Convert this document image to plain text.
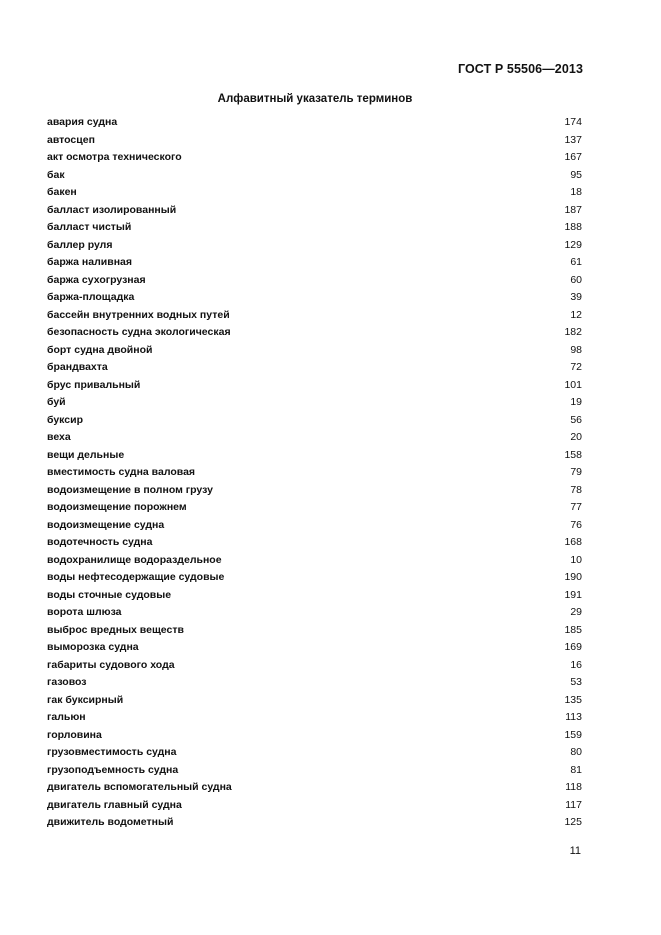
ГОСТ Р 55506—2013
Алфавитный указатель терминов
авария судна	174
автосцеп	137
акт осмотра технического	167
бак	95
бакен	18
балласт изолированный	187
балласт чистый	188
баллер руля	129
баржа наливная	61
баржа сухогрузная	60
баржа-площадка	39
бассейн внутренних водных путей	12
безопасность судна экологическая	182
борт судна двойной	98
брандвахта	72
брус привальный	101
буй	19
буксир	56
веха	20
вещи дельные	158
вместимость судна валовая	79
водоизмещение в полном грузу	78
водоизмещение порожнем	77
водоизмещение судна	76
водотечность судна	168
водохранилище водораздельное	10
воды нефтесодержащие судовые	190
воды сточные судовые	191
ворота шлюза	29
выброс вредных веществ	185
выморозка судна	169
габариты судового хода	16
газовоз	53
гак буксирный	135
гальюн	113
горловина	159
грузовместимость судна	80
грузоподъемность судна	81
двигатель вспомогательный судна	118
двигатель главный судна	117
движитель водометный	125
11
